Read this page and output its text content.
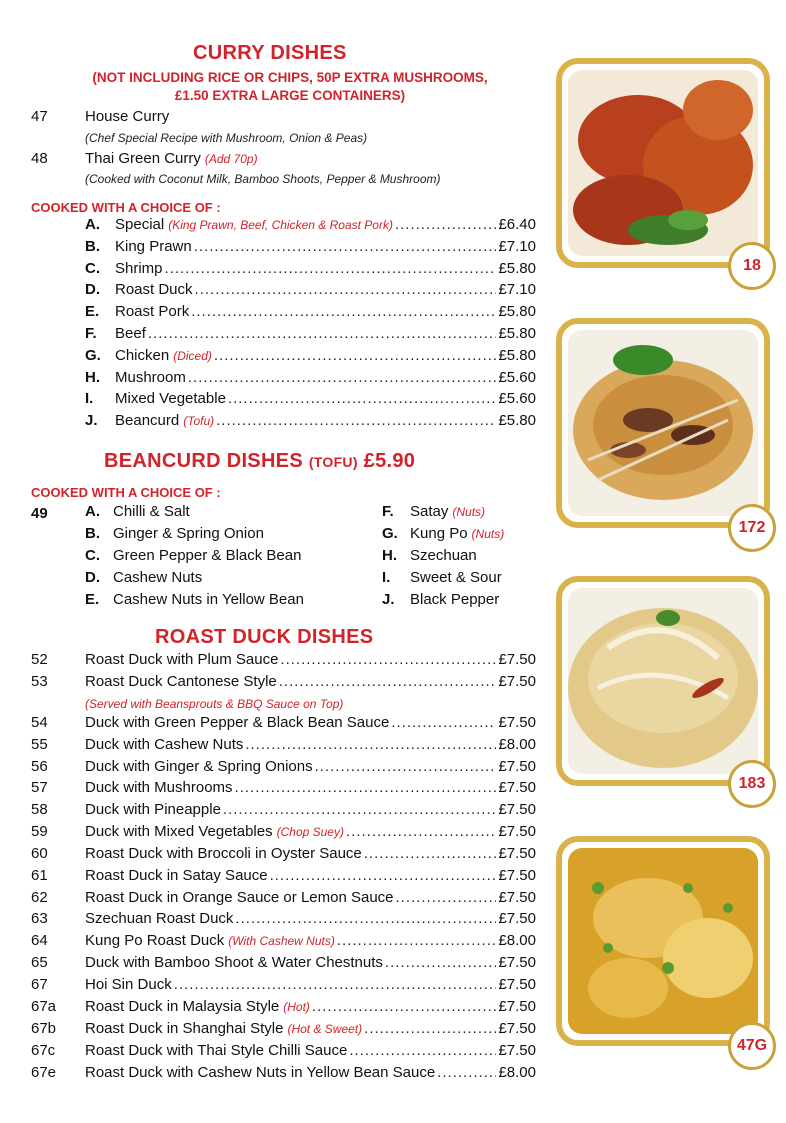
CURRY DISHES
(NOT INCLUDING RICE OR CHIPS, 50P EXTRA MUSHROOMS,
£1.50 EXTRA LARGE CONTAINERS)
47	House Curry
(Chef Special Recipe with Mushroom, Onion & Peas)
48	Thai Green Curry (Add 70p)
(Cooked with Coconut Milk, Bamboo Shoots, Pepper & Mushroom)
COOKED WITH A CHOICE OF :
A.	Special (King Prawn, Beef, Chicken & Roast Pork) .....	£6.40
B.	King Prawn .....	£7.10
C.	Shrimp .....	£5.80
D.	Roast Duck .....	£7.10
E.	Roast Pork .....	£5.80
F.	Beef .....	£5.80
G. Chicken (Diced) .....	£5.80
H.	Mushroom .....	£5.60
I.	Mixed Vegetable .....	£5.60
J.	Beancurd (Tofu) .....	£5.80
BEANCURD DISHES (TOFU) £5.90
COOKED WITH A CHOICE OF :
49 A. Chilli & Salt
B. Ginger & Spring Onion
C. Green Pepper & Black Bean
D. Cashew Nuts
E. Cashew Nuts in Yellow Bean
F.	Satay (Nuts)
G. Kung Po (Nuts)
H. Szechuan
I.	Sweet & Sour
J.	Black Pepper
ROAST DUCK DISHES
52	Roast Duck with Plum Sauce .....	£7.50
53	Roast Duck Cantonese Style .....	£7.50
54	Duck with Green Pepper & Black Bean Sauce .....	£7.50
55	Duck with Cashew Nuts .....	£8.00
56	Duck with Ginger & Spring Onions .....	£7.50
57	Duck with Mushrooms .....	£7.50
58	Duck with Pineapple .....	£7.50
59	Duck with Mixed Vegetables (Chop Suey) .....	£7.50
60	Roast Duck with Broccoli in Oyster Sauce .....	£7.50
61	Roast Duck in Satay Sauce .....	£7.50
62	Roast Duck in Orange Sauce or Lemon Sauce .....	£7.50
63	Szechuan Roast Duck .....	£7.50
64	Kung Po Roast Duck (With Cashew Nuts) .....	£8.00
65	Duck with Bamboo Shoot & Water Chestnuts .....	£7.50
67	Hoi Sin Duck .....	£7.50
67a	Roast Duck in Malaysia Style (Hot) .....	£7.50
67b	Roast Duck in Shanghai Style (Hot & Sweet) .....	£7.50
67c	Roast Duck with Thai Style Chilli Sauce .....	£7.50
67e	Roast Duck with Cashew Nuts in Yellow Bean Sauce .....	£8.00
(Served with Beansprouts & BBQ Sauce on Top)
18
172
183
47G
